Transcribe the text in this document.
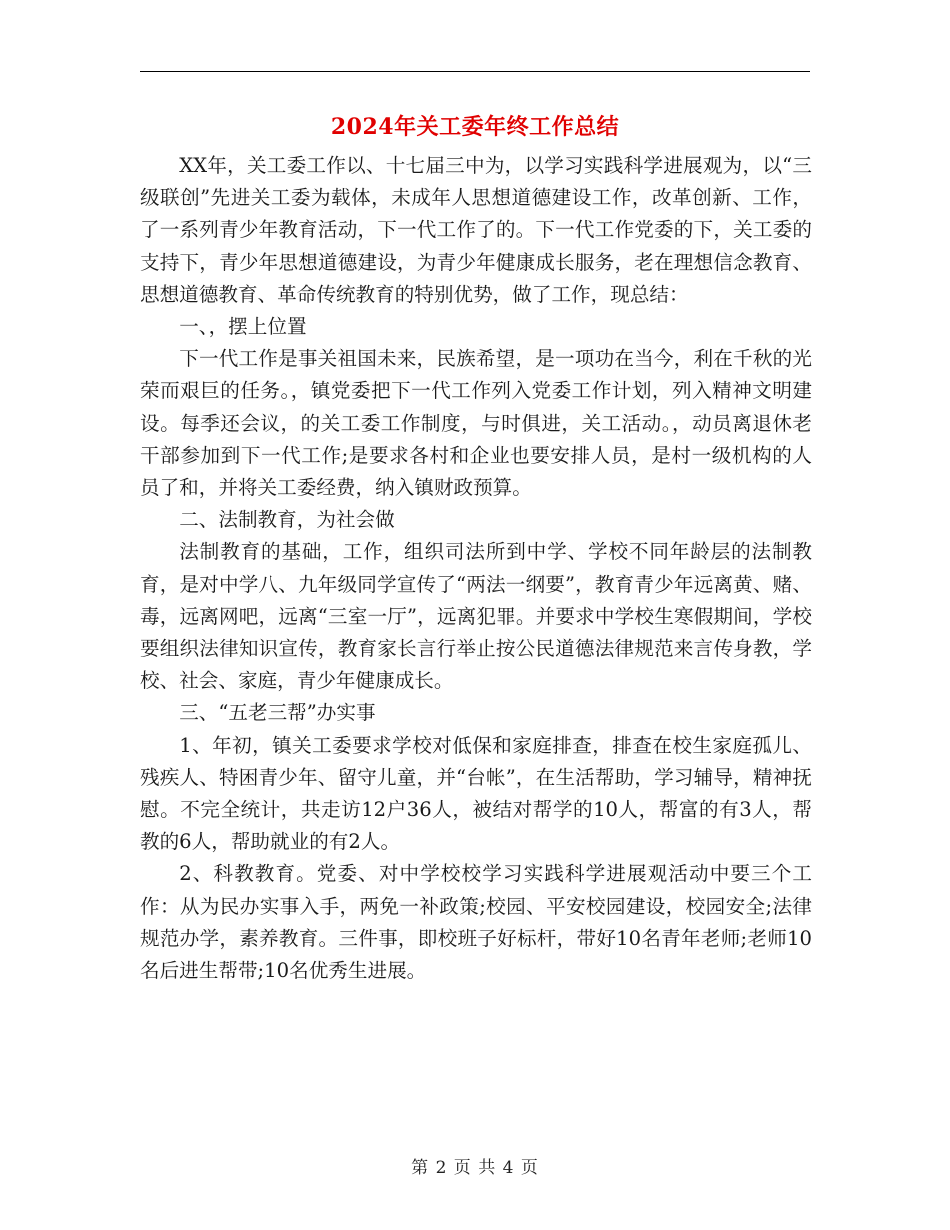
2024年关工委年终工作总结

XX年，关工委工作以、十七届三中为，以学习实践科学进展观为，以“三级联创”先进关工委为载体，未成年人思想道德建设工作，改革创新、工作，了一系列青少年教育活动，下一代工作了的。下一代工作党委的下，关工委的支持下，青少年思想道德建设，为青少年健康成长服务，老在理想信念教育、思想道德教育、革命传统教育的特别优势，做了工作，现总结：

一、，摆上位置

下一代工作是事关祖国未来，民族希望，是一项功在当今，利在千秋的光荣而艰巨的任务。，镇党委把下一代工作列入党委工作计划，列入精神文明建设。每季还会议，的关工委工作制度，与时俱进，关工活动。，动员离退休老干部参加到下一代工作;是要求各村和企业也要安排人员，是村一级机构的人员了和，并将关工委经费，纳入镇财政预算。

二、法制教育，为社会做

法制教育的基础，工作，组织司法所到中学、学校不同年龄层的法制教育，是对中学八、九年级同学宣传了“两法一纲要”，教育青少年远离黄、赌、毒，远离网吧，远离“三室一厅”，远离犯罪。并要求中学校生寒假期间，学校要组织法律知识宣传，教育家长言行举止按公民道德法律规范来言传身教，学校、社会、家庭，青少年健康成长。

三、“五老三帮”办实事

1、年初，镇关工委要求学校对低保和家庭排查，排查在校生家庭孤儿、残疾人、特困青少年、留守儿童，并“台帐”，在生活帮助，学习辅导，精神抚慰。不完全统计，共走访12户36人，被结对帮学的10人，帮富的有3人，帮教的6人，帮助就业的有2人。

2、科教教育。党委、对中学校校学习实践科学进展观活动中要三个工作：从为民办实事入手，两免一补政策;校园、平安校园建设，校园安全;法律规范办学，素养教育。三件事，即校班子好标杆，带好10名青年老师;老师10名后进生帮带;10名优秀生进展。

第 2 页 共 4 页
